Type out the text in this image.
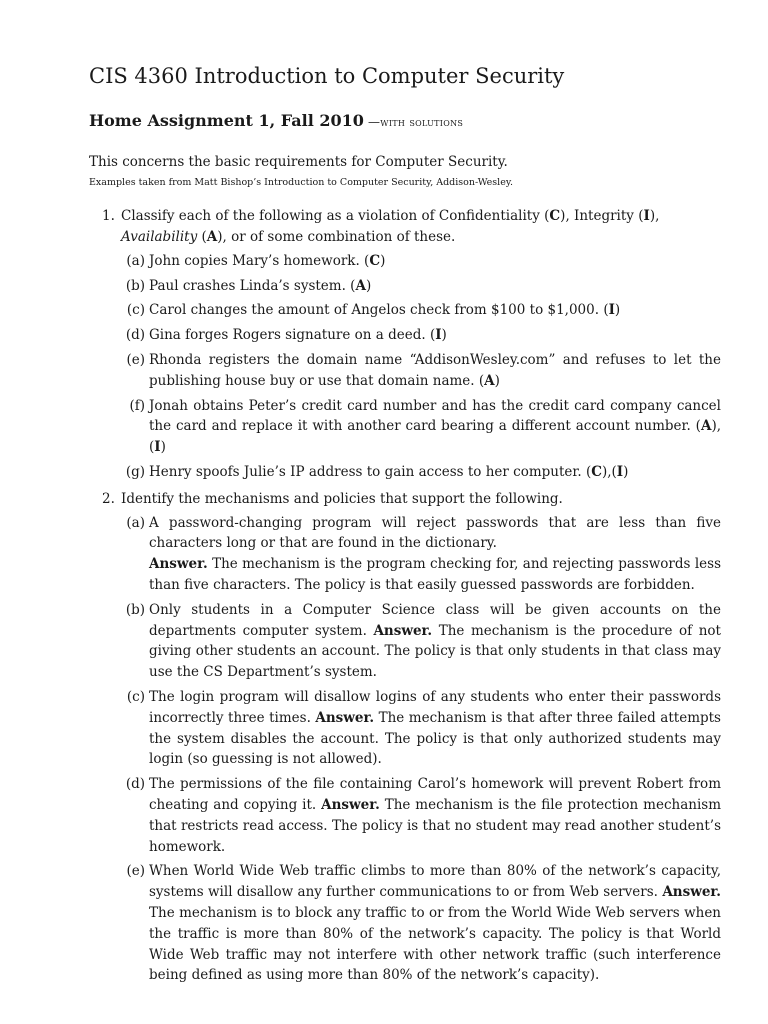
CIS 4360 Introduction to Computer Security
Home Assignment 1, Fall 2010 —with solutions

This concerns the basic requirements for Computer Security.

Examples taken from Matt Bishop’s Introduction to Computer Security, Addison-Wesley.

1. Classify each of the following as a violation of Confidentiality (C), Integrity (I), Availability (A), or of some combination of these.
(a) John copies Mary’s homework. (C)
(b) Paul crashes Linda’s system. (A)
(c) Carol changes the amount of Angelos check from $100 to $1,000. (I)
(d) Gina forges Rogers signature on a deed. (I)
(e) Rhonda registers the domain name “AddisonWesley.com” and refuses to let the publishing house buy or use that domain name. (A)
(f) Jonah obtains Peter’s credit card number and has the credit card company cancel the card and replace it with another card bearing a different account number. (A), (I)
(g) Henry spoofs Julie’s IP address to gain access to her computer. (C),(I)
2. Identify the mechanisms and policies that support the following.
(a) A password-changing program will reject passwords that are less than five characters long or that are found in the dictionary.
Answer. The mechanism is the program checking for, and rejecting passwords less than five characters. The policy is that easily guessed passwords are forbidden.
(b) Only students in a Computer Science class will be given accounts on the departments computer system. Answer. The mechanism is the procedure of not giving other students an account. The policy is that only students in that class may use the CS Department’s system.
(c) The login program will disallow logins of any students who enter their passwords incorrectly three times. Answer. The mechanism is that after three failed attempts the system disables the account. The policy is that only authorized students may login (so guessing is not allowed).
(d) The permissions of the file containing Carol’s homework will prevent Robert from cheating and copying it. Answer. The mechanism is the file protection mechanism that restricts read access. The policy is that no student may read another student’s homework.
(e) When World Wide Web traffic climbs to more than 80% of the network’s capacity, systems will disallow any further communications to or from Web servers. Answer. The mechanism is to block any traffic to or from the World Wide Web servers when the traffic is more than 80% of the network’s capacity. The policy is that World Wide Web traffic may not interfere with other network traffic (such interference being defined as using more than 80% of the network’s capacity).
